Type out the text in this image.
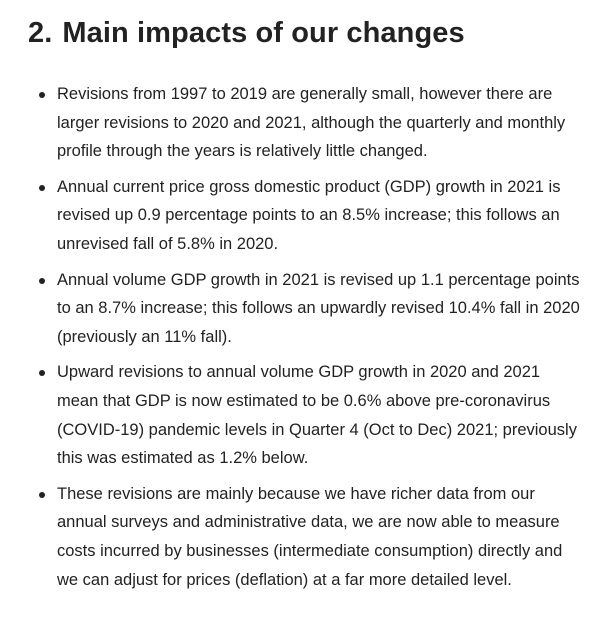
2. Main impacts of our changes
Revisions from 1997 to 2019 are generally small, however there are larger revisions to 2020 and 2021, although the quarterly and monthly profile through the years is relatively little changed.
Annual current price gross domestic product (GDP) growth in 2021 is revised up 0.9 percentage points to an 8.5% increase; this follows an unrevised fall of 5.8% in 2020.
Annual volume GDP growth in 2021 is revised up 1.1 percentage points to an 8.7% increase; this follows an upwardly revised 10.4% fall in 2020 (previously an 11% fall).
Upward revisions to annual volume GDP growth in 2020 and 2021 mean that GDP is now estimated to be 0.6% above pre-coronavirus (COVID-19) pandemic levels in Quarter 4 (Oct to Dec) 2021; previously this was estimated as 1.2% below.
These revisions are mainly because we have richer data from our annual surveys and administrative data, we are now able to measure costs incurred by businesses (intermediate consumption) directly and we can adjust for prices (deflation) at a far more detailed level.
